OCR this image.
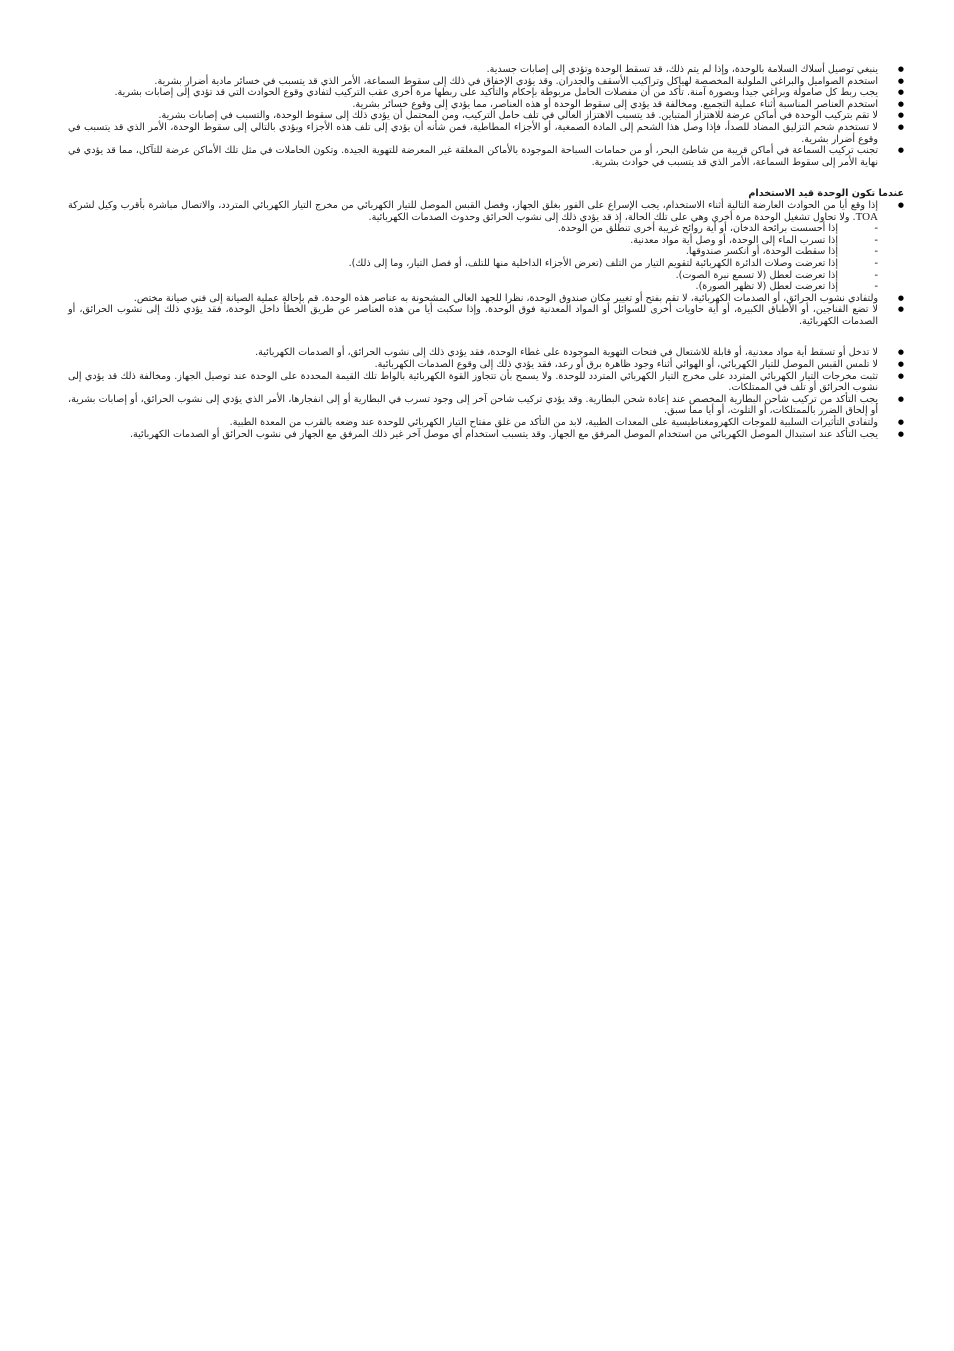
● ينبغي توصيل أسلاك السلامة بالوحدة، وإذا لم يتم ذلك، قد تسقط الوحدة وتؤدي إلى إصابات جسدية.
● استخدم الصواميل والبراغي الملولبة المخصصة لهياكل وتراكيب الأسقف والجدران. وقد يؤدي الإخفاق في ذلك إلى سقوط السماعة، الأمر الذي قد يتسبب في خسائر مادية أضرار بشرية.
● يجب ربط كل صامولة وبراغي جيدا وبصورة آمنة. تأكد من أن مفصلات الحامل مربوطة بإحكام والتأكيد على ربطها مرة أخرى عقب التركيب لتفادي وقوع الحوادث التي قد تؤدي إلى إصابات بشرية.
● استخدم العناصر المناسبة أثناء عملية التجميع. ومخالفة قد يؤدي إلى سقوط الوحدة أو هذه العناصر، مما يؤدي إلى وقوع خسائر بشرية.
● لا تقم بتركيب الوحدة في أماكن عرضة للاهتزاز المتباين. قد يتسبب الاهتزاز العالي في تلف حامل التركيب، ومن المحتمل أن يؤدي ذلك إلى سقوط الوحدة، والتسبب في إصابات بشرية.
● لا تستخدم شحم التزليق المضاد للصدأ، فإذا وصل هذا الشحم إلى المادة الصمغية، أو الأجزاء المطاطية، فمن شأنه أن يؤدي إلى تلف هذه الأجزاء ويؤدي بالتالي إلى سقوط الوحدة، الأمر الذي قد يتسبب في وقوع أضرار بشرية.
● تجنب تركيب السماعة في أماكن قريبة من شاطئ البحر، أو من حمامات السباحة الموجودة بالأماكن المغلقة غير المعرضة للتهوية الجيدة. وتكون الحاملات في مثل تلك الأماكن عرضة للتآكل، مما قد يؤدي في نهاية الأمر إلى سقوط السماعة، الأمر الذي قد يتسبب في حوادث بشرية.

عندما تكون الوحدة قيد الاستخدام

● إذا وقع أيا من الحوادث العارضة التالية أثناء الاستخدام، يجب الإسراع على الفور بغلق الجهاز، وفصل القبس الموصل للتيار الكهربائي من مخرج التيار الكهربائي المتردد، والاتصال مباشرة بأقرب وكيل لشركة TOA. ولا تحاول تشغيل الوحدة مرة أخرى وهي على تلك الحالة، إذ قد يؤدي ذلك إلى نشوب الحرائق وحدوث الصدمات الكهربائية.
- إذا أحسست برائحة الدخان، أو أية روائح غريبة أخرى تنطلق من الوحدة.
- إذا تسرب الماء إلى الوحدة، أو وصل أية مواد معدنية.
- إذا سقطت الوحدة، أو انكسر صندوقها.
- إذا تعرضت وصلات الدائرة الكهربائية لتقويم التيار من التلف (تعرض الأجزاء الداخلية منها للتلف، أو فصل التيار، وما إلى ذلك).
- إذا تعرضت لعطل (لا تسمع نبرة الصوت).
- إذا تعرضت لعطل (لا تظهر الصورة).
● ولتفادي نشوب الحرائق، أو الصدمات الكهربائية، لا تقم بفتح أو تغيير مكان صندوق الوحدة، نظرا للجهد العالي المشحونة به عناصر هذه الوحدة. قم بإحالة عملية الصيانة إلى فني صيانة مختص.
● لا تضع الفناجين، أو الأطباق الكبيرة، أو أية حاويات أخرى للسوائل أو المواد المعدنية فوق الوحدة. وإذا سكبت أيا من هذه العناصر عن طريق الخطأ داخل الوحدة، فقد يؤدي ذلك إلى نشوب الحرائق، أو الصدمات الكهربائية.
● لا تدخل أو تسقط أية مواد معدنية، أو قابلة للاشتعال في فتحات التهوية الموجودة على غطاء الوحدة، فقد يؤدي ذلك إلى نشوب الحرائق، أو الصدمات الكهربائية.
● لا تلمس القبس الموصل للتيار الكهربائي، أو الهوائي أثناء وجود ظاهرة برق أو رعد، فقد يؤدي ذلك إلى وقوع الصدمات الكهربائية.
● تثبت مخرجات التيار الكهربائي المتردد على مخرج التيار الكهربائي المتردد للوحدة. ولا يسمح بأن تتجاوز القوة الكهربائية بالواط تلك القيمة المحددة على الوحدة عند توصيل الجهاز. ومخالفة ذلك قد يؤدي إلى نشوب الحرائق أو تلف في الممتلكات.
● يجب التأكد من تركيب شاحن البطارية المخصص عند إعادة شحن البطارية. وقد يؤدي تركيب شاحن آخر إلى وجود تسرب في البطارية أو إلى انفجارها، الأمر الذي يؤدي إلى نشوب الحرائق، أو إصابات بشرية، أو إلحاق الضرر بالممتلكات، أو التلوث، أو أيا مما سبق.
● ولتفادي التأثيرات السلبية للموجات الكهرومغناطيسية على المعدات الطبية، لابد من التأكد من غلق مفتاح التيار الكهربائي للوحدة عند وضعه بالقرب من المعدة الطبية.
● يجب التأكد عند استبدال الموصل الكهربائي من استخدام الموصل المرفق مع الجهاز. وقد يتسبب استخدام أي موصل آخر غير ذلك المرفق مع الجهاز في نشوب الحرائق أو الصدمات الكهربائية.
